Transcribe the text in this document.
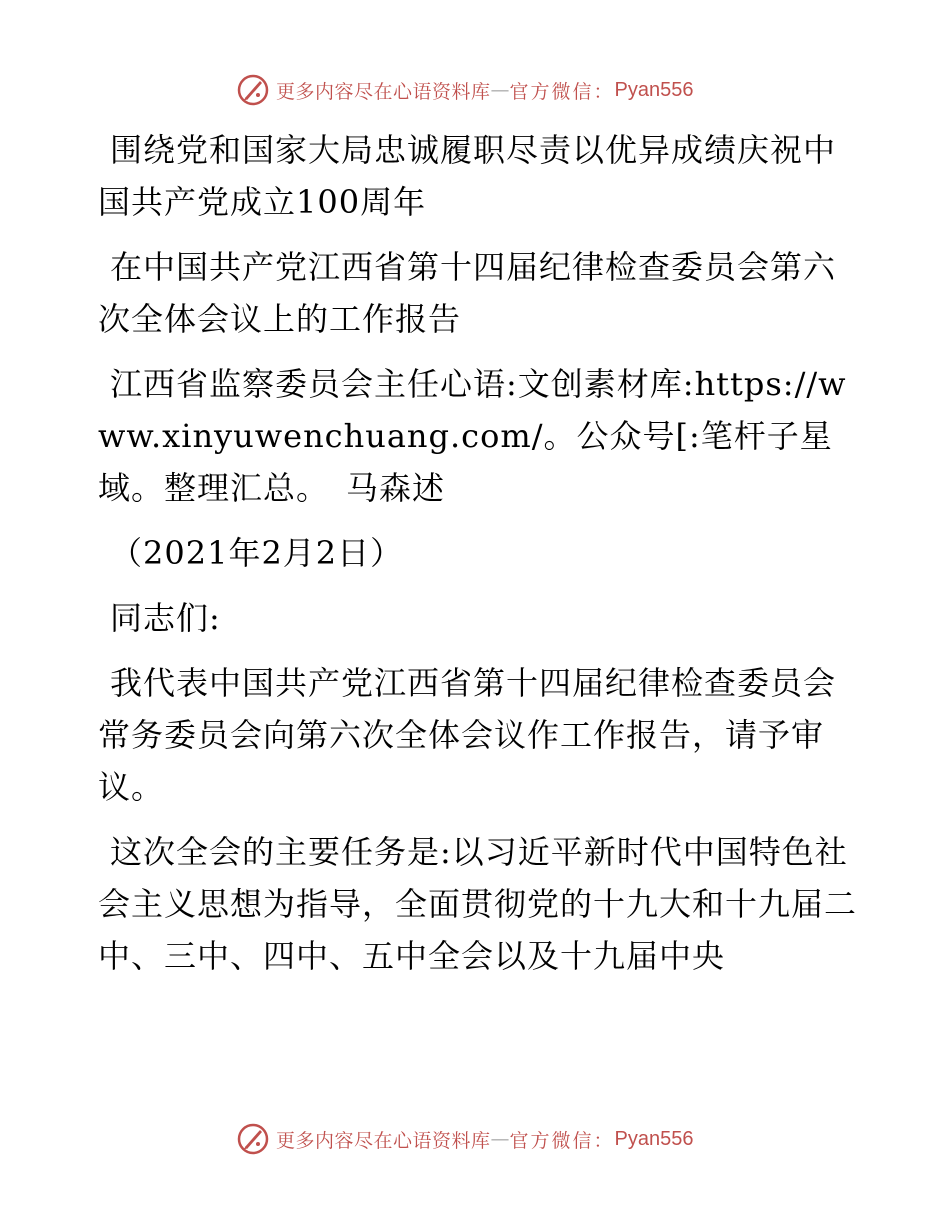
更多内容尽在心语资料库 — 官方微信： Pyan556

围绕党和国家大局忠诚履职尽责以优异成绩庆祝中国共产党成立100周年

在中国共产党江西省第十四届纪律检查委员会第六次全体会议上的工作报告

江西省监察委员会主任心语:文创素材库:https://www.xinyuwenchuang.com/。公众号[:笔杆子星域。整理汇总。　马森述

（2021年2月2日）

同志们:

我代表中国共产党江西省第十四届纪律检查委员会常务委员会向第六次全体会议作工作报告，请予审议。

这次全会的主要任务是:以习近平新时代中国特色社会主义思想为指导，全面贯彻党的十九大和十九届二中、三中、四中、五中全会以及十九届中央

更多内容尽在心语资料库 — 官方微信： Pyan556
